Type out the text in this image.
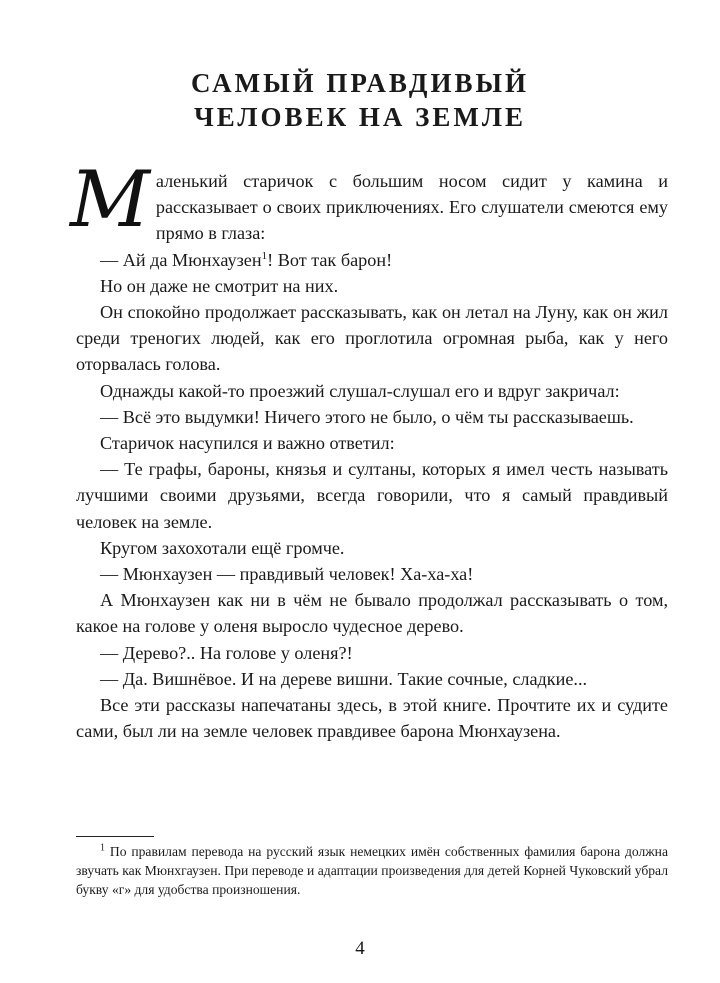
САМЫЙ ПРАВДИВЫЙ
ЧЕЛОВЕК НА ЗЕМЛЕ

Маленький старичок с большим носом сидит у камина и рассказывает о своих приключениях. Его слушатели смеются ему прямо в глаза:

— Ай да Мюнхаузен$^1$! Вот так барон!

Но он даже не смотрит на них.

Он спокойно продолжает рассказывать, как он летал на Луну, как он жил среди треногих людей, как его проглотила огромная рыба, как у него оторвалась голова.

Однажды какой-то проезжий слушал-слушал его и вдруг закричал:

— Всё это выдумки! Ничего этого не было, о чём ты рассказываешь.

Старичок насупился и важно ответил:

— Те графы, бароны, князья и султаны, которых я имел честь называть лучшими своими друзьями, всегда говорили, что я самый правдивый человек на земле.

Кругом захохотали ещё громче.

— Мюнхаузен — правдивый человек! Ха-ха-ха!

А Мюнхаузен как ни в чём не бывало продолжал рассказывать о том, какое на голове у оленя выросло чудесное дерево.

— Дерево?.. На голове у оленя?!

— Да. Вишнёвое. И на дереве вишни. Такие сочные, сладкие...

Все эти рассказы напечатаны здесь, в этой книге. Прочтите их и судите сами, был ли на земле человек правдивее барона Мюнхаузена.

$^1$ По правилам перевода на русский язык немецких имён собственных фамилия барона должна звучать как Мюнхгаузен. При переводе и адаптации произведения для детей Корней Чуковский убрал букву «г» для удобства произношения.
4
